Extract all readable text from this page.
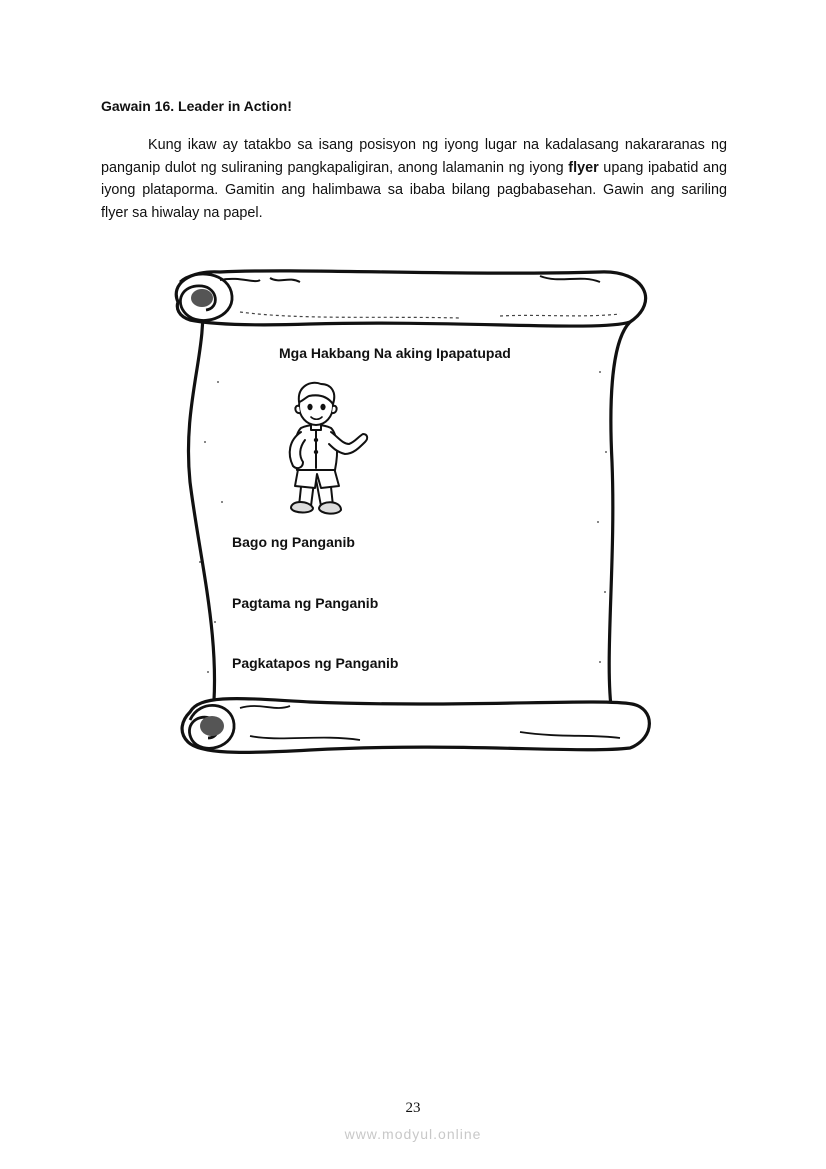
Gawain 16. Leader in Action!
Kung ikaw ay tatakbo sa isang posisyon ng iyong lugar na kadalasang nakararanas ng panganip dulot ng suliraning pangkapaligiran, anong lalamanin ng iyong flyer upang ipabatid ang iyong plataporma. Gamitin ang halimbawa sa ibaba bilang pagbabasehan. Gawin ang sariling flyer sa hiwalay na papel.
Mga Hakbang Na aking Ipapatupad
Bago ng Panganib
Pagtama ng Panganib
Pagkatapos ng Panganib
23
www.modyul.online
